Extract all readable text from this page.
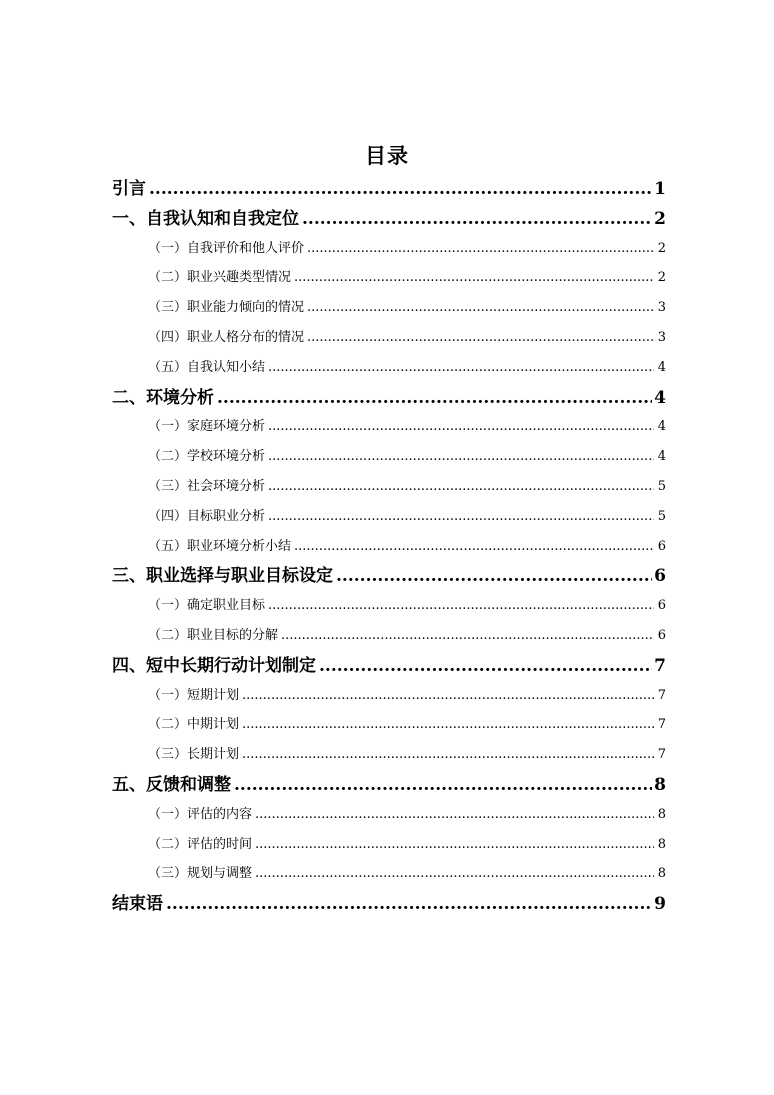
目录
引言 .....	1
一、自我认知和自我定位 .....	2
（一）自我评价和他人评价 .....	2
（二）职业兴趣类型情况 .....	2
（三）职业能力倾向的情况 .....	3
（四）职业人格分布的情况 .....	3
（五）自我认知小结 .....	4
二、环境分析 .....	4
（一）家庭环境分析 .....	4
（二）学校环境分析 .....	4
（三）社会环境分析 .....	5
（四）目标职业分析 .....	5
（五）职业环境分析小结 .....	6
三、职业选择与职业目标设定 .....	6
（一）确定职业目标 .....	6
（二）职业目标的分解 .....	6
四、短中长期行动计划制定 .....	7
（一）短期计划 .....	7
（二）中期计划 .....	7
（三）长期计划 .....	7
五、反馈和调整 .....	8
（一）评估的内容 .....	8
（二）评估的时间 .....	8
（三）规划与调整 .....	8
结束语 .....	9
